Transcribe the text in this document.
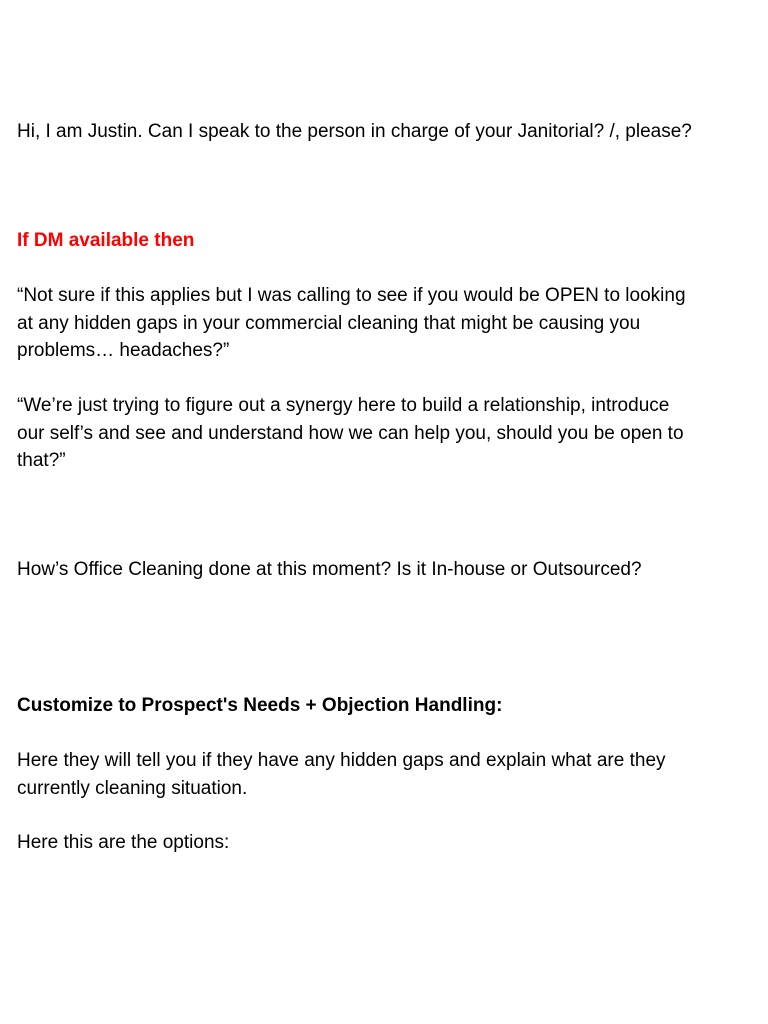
Hi, I am Justin. Can I speak to the person in charge of your Janitorial? /, please?

If DM available then

“Not sure if this applies but I was calling to see if you would be OPEN to looking at any hidden gaps in your commercial cleaning that might be causing you problems… headaches?”

“We’re just trying to figure out a synergy here to build a relationship, introduce our self’s and see and understand how we can help you, should you be open to that?”

How’s Office Cleaning done at this moment? Is it In-house or Outsourced?

Customize to Prospect's Needs + Objection Handling:

Here they will tell you if they have any hidden gaps and explain what are they currently cleaning situation.

Here this are the options:
